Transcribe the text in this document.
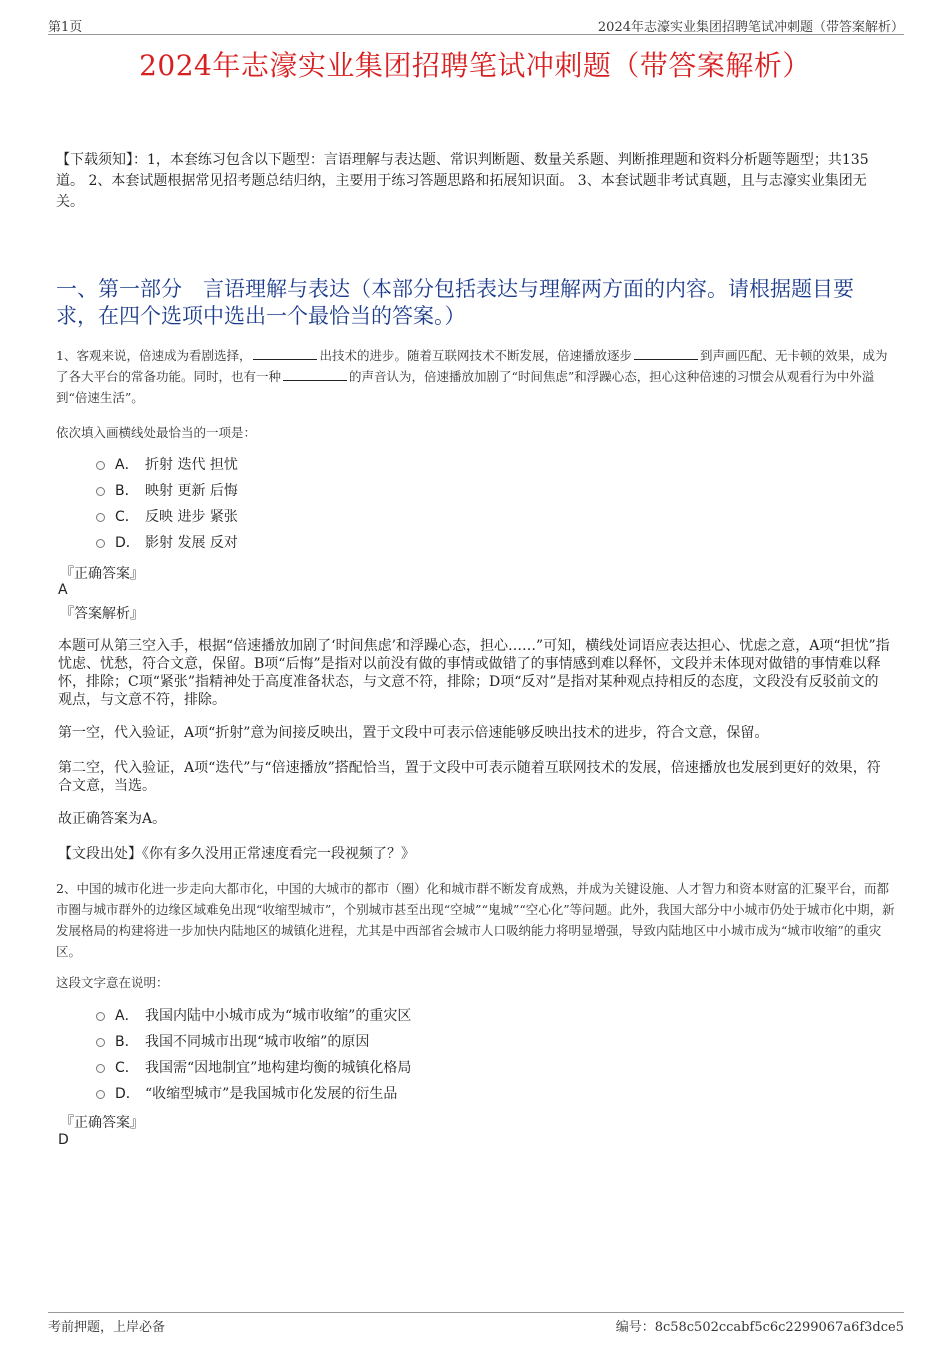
第1页	2024年志濠实业集团招聘笔试冲刺题（带答案解析）
2024年志濠实业集团招聘笔试冲刺题（带答案解析）
【下载须知】：1，本套练习包含以下题型：言语理解与表达题、常识判断题、数量关系题、判断推理题和资料分析题等题型；共135道。 2、本套试题根据常见招考题总结归纳，主要用于练习答题思路和拓展知识面。 3、本套试题非考试真题，且与志濠实业集团无关。
一、第一部分　言语理解与表达（本部分包括表达与理解两方面的内容。请根据题目要求，在四个选项中选出一个最恰当的答案。）
1、客观来说，倍速成为看剧选择，	出技术的进步。随着互联网技术不断发展，倍速播放逐步	到声画匹配、无卡顿的效果，成为了各大平台的常备功能。同时，也有一种	的声音认为，倍速播放加剧了“时间焦虑”和浮躁心态，担心这种倍速的习惯会从观看行为中外溢到“倍速生活”。
依次填入画横线处最恰当的一项是：
A． 折射 迭代 担忧
B． 映射 更新 后悔
C． 反映 进步 紧张
D． 影射 发展 反对
『正确答案』
A
『答案解析』
本题可从第三空入手，根据“倍速播放加剧了‘时间焦虑’和浮躁心态，担心……”可知，横线处词语应表达担心、忧虑之意，A项“担忧”指忧虑、忧愁，符合文意，保留。B项“后悔”是指对以前没有做的事情或做错了的事情感到难以释怀，文段并未体现对做错的事情难以释怀，排除；C项“紧张”指精神处于高度准备状态，与文意不符，排除；D项“反对”是指对某种观点持相反的态度，文段没有反驳前文的观点，与文意不符，排除。
第一空，代入验证，A项“折射”意为间接反映出，置于文段中可表示倍速能够反映出技术的进步，符合文意，保留。
第二空，代入验证，A项“迭代”与“倍速播放”搭配恰当，置于文段中可表示随着互联网技术的发展，倍速播放也发展到更好的效果，符合文意，当选。
故正确答案为A。
【文段出处】《你有多久没用正常速度看完一段视频了？》
2、中国的城市化进一步走向大都市化，中国的大城市的都市（圈）化和城市群不断发育成熟，并成为关键设施、人才智力和资本财富的汇聚平台，而都市圈与城市群外的边缘区域难免出现“收缩型城市”，个别城市甚至出现“空城”“鬼城”“空心化”等问题。此外，我国大部分中小城市仍处于城市化中期，新发展格局的构建将进一步加快内陆地区的城镇化进程，尤其是中西部省会城市人口吸纳能力将明显增强，导致内陆地区中小城市成为“城市收缩”的重灾区。
这段文字意在说明：
A． 我国内陆中小城市成为“城市收缩”的重灾区
B． 我国不同城市出现“城市收缩”的原因
C． 我国需“因地制宜”地构建均衡的城镇化格局
D． “收缩型城市”是我国城市化发展的衍生品
『正确答案』
D
考前押题，上岸必备	编号：8c58c502ccabf5c6c2299067a6f3dce5
